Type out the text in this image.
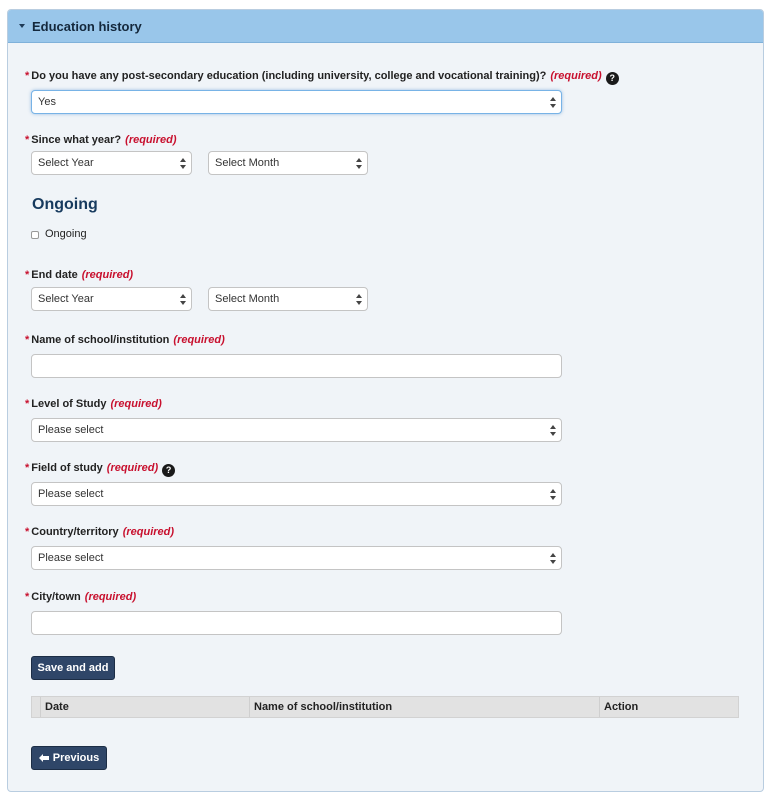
Education history
* Do you have any post-secondary education (including university, college and vocational training)? (required) ?
Yes
* Since what year? (required)
Select Year	Select Month
Ongoing
Ongoing
* End date (required)
Select Year	Select Month
* Name of school/institution (required)
* Level of Study (required)
Please select
* Field of study (required) ?
Please select
* Country/territory (required)
Please select
* City/town (required)
Save and add
Date	Name of school/institution	Action
Previous
